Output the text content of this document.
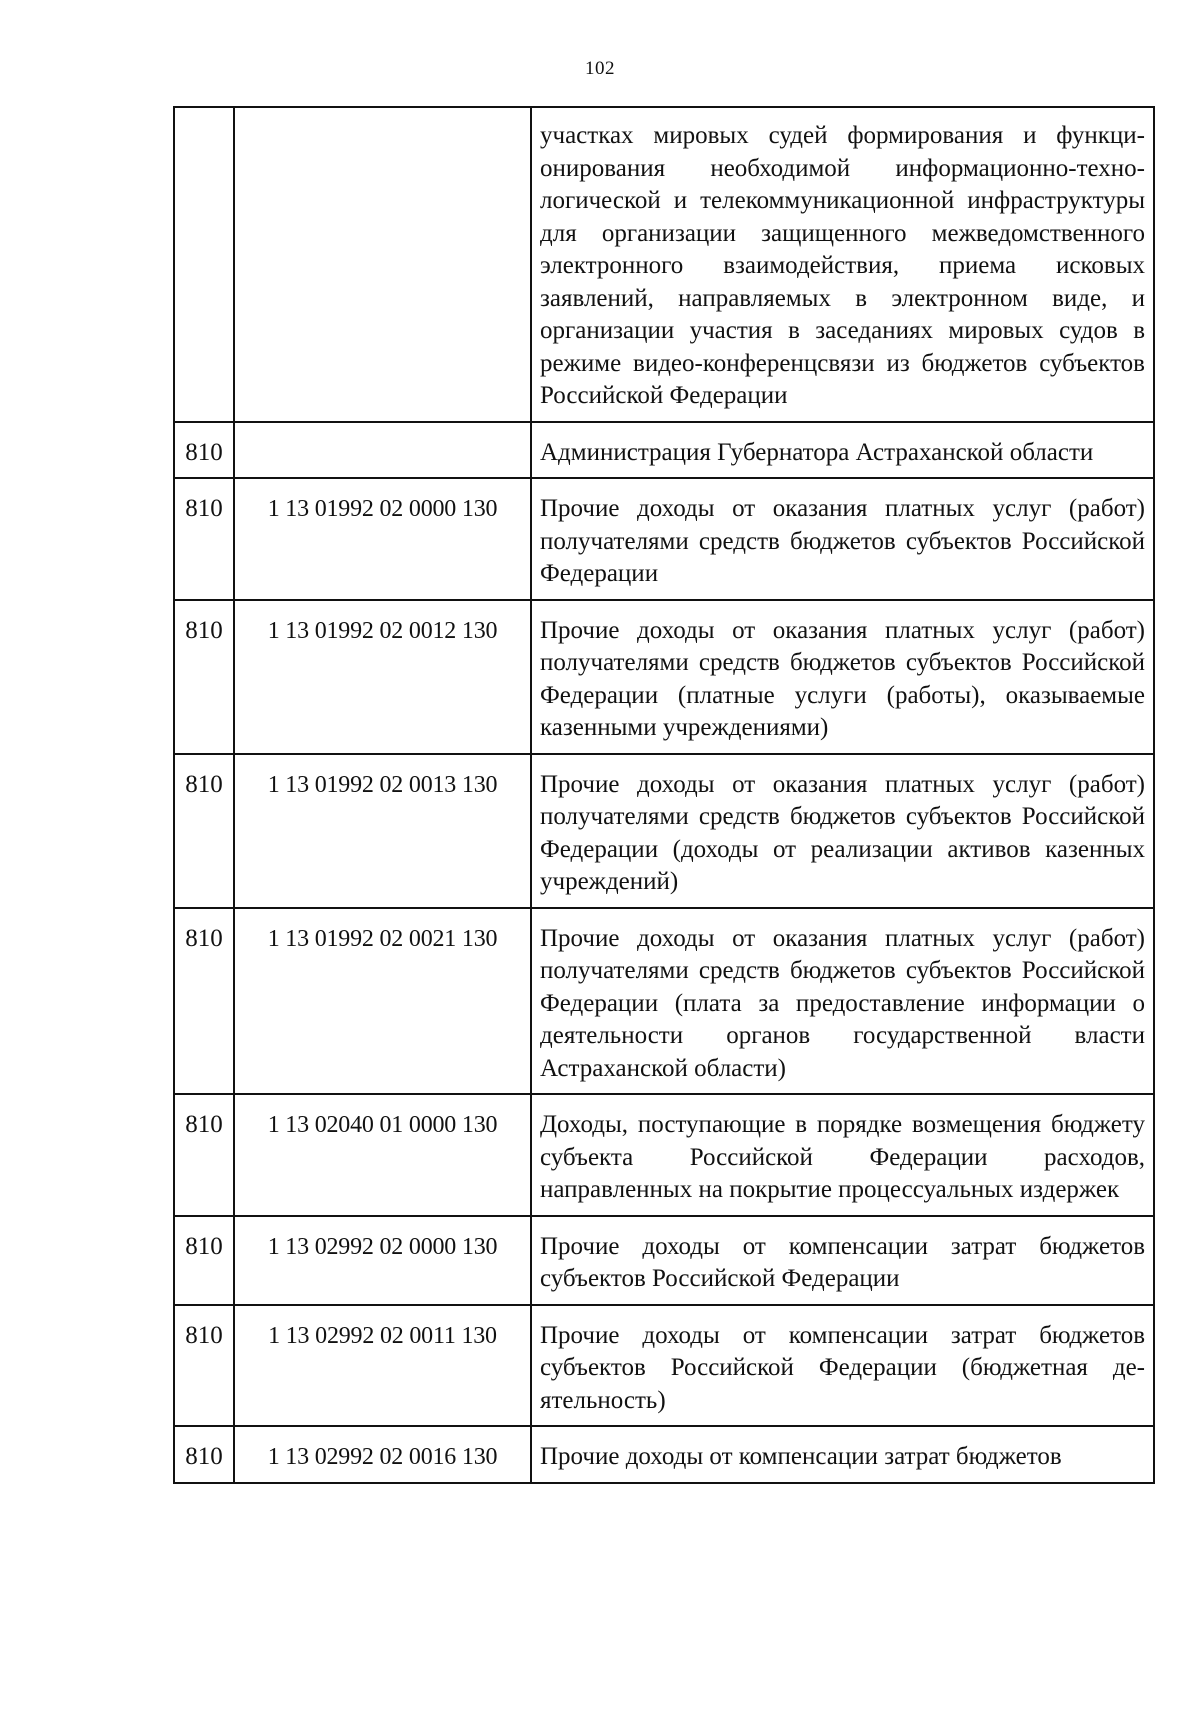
102
		участках мировых судей формирования и функционирования необходимой информационно-технологической и телекоммуникационной инфраструктуры для организации защищенного межведомственного электронного взаимодействия, приема исковых заявлений, направляемых в электронном виде, и организации участия в заседаниях мировых судов в режиме видео-конференцсвязи из бюджетов субъектов Российской Федерации
810		Администрация Губернатора Астраханской области
810	1 13 01992 02 0000 130	Прочие доходы от оказания платных услуг (работ) получателями средств бюджетов субъектов Российской Федерации
810	1 13 01992 02 0012 130	Прочие доходы от оказания платных услуг (работ) получателями средств бюджетов субъектов Российской Федерации (платные услуги (работы), оказываемые казенными учреждениями)
810	1 13 01992 02 0013 130	Прочие доходы от оказания платных услуг (работ) получателями средств бюджетов субъектов Российской Федерации (доходы от реализации активов казенных учреждений)
810	1 13 01992 02 0021 130	Прочие доходы от оказания платных услуг (работ) получателями средств бюджетов субъектов Российской Федерации (плата за предоставление информации о деятельности органов государственной власти Астраханской области)
810	1 13 02040 01 0000 130	Доходы, поступающие в порядке возмещения бюджету субъекта Российской Федерации расходов, направленных на покрытие процессуальных издержек
810	1 13 02992 02 0000 130	Прочие доходы от компенсации затрат бюджетов субъектов Российской Федерации
810	1 13 02992 02 0011 130	Прочие доходы от компенсации затрат бюджетов субъектов Российской Федерации (бюджетная деятельность)
810	1 13 02992 02 0016 130	Прочие доходы от компенсации затрат бюджетов
